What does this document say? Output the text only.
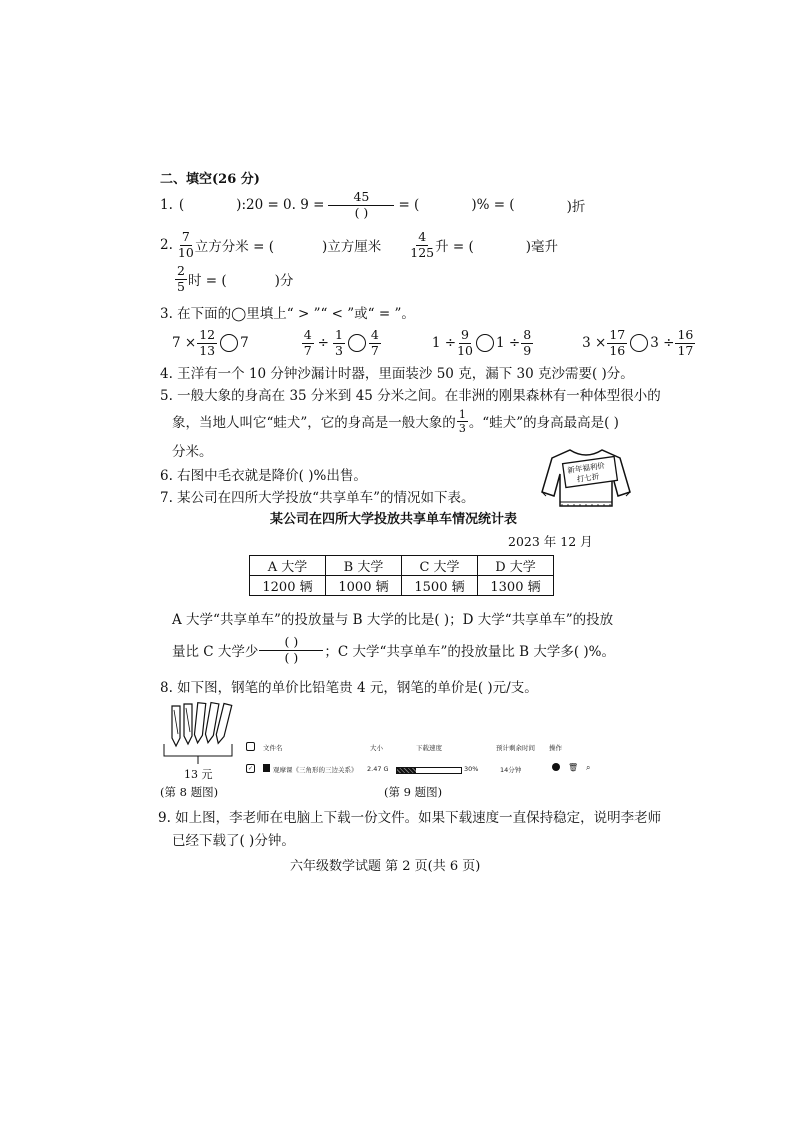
二、填空(26 分)
1. (	):20 = 0. $9 = \frac{45}{( )}$ = (	)% = (	)折
2. $\frac{7}{10}$ 立方分米 = (	)立方厘米 $\frac{4}{125}$ 升 = (	)毫升
$\frac{2}{5}$ 时 = (	)分
3. 在下面的◯里填上“ > ”“ < ”或“ = ”。
$7 \times \frac{12}{13} 7$	$\frac{4}{7} \div \frac{1}{3} \frac{4}{7}$	$1 \div \frac{9}{10} 1 \div \frac{8}{9}$	$3 \times \frac{17}{16} 3 \div \frac{16}{17}$
4. 王洋有一个 10 分钟沙漏计时器，里面装沙 50 克，漏下 30 克沙需要( )分。
5. 一般大象的身高在 35 分米到 45 分米之间。在非洲的刚果森林有一种体型很小的
象，当地人叫它“蛙犬”，它的身高是一般大象的 $\frac{1}{3}$ 。“蛙犬”的身高最高是( )
分米。
新年福利价
打七折
6. 右图中毛衣就是降价( )%出售。
7. 某公司在四所大学投放“共享单车”的情况如下表。
某公司在四所大学投放共享单车情况统计表
2023 年 12 月
A 大学	B 大学	C 大学	D 大学
1200 辆	1000 辆	1500 辆	1300 辆
A 大学“共享单车”的投放量与 B 大学的比是( )；D 大学“共享单车”的投放
量比 C 大学少 $\frac{( )}{( )}$ ；C 大学“共享单车”的投放量比 B 大学多( )%。
8. 如下图，钢笔的单价比铅笔贵 4 元，钢笔的单价是( )元/支。
13 元
(第 8 题图)
文件名	大小	下载速度	预计剩余时间 操作
✓	观摩课《三角形的三边关系》 2.47 G	30%	14分钟	🗑 ⌕
(第 9 题图)
9. 如上图，李老师在电脑上下载一份文件。如果下载速度一直保持稳定，说明李老师
已经下载了( )分钟。
六年级数学试题 第 2 页(共 6 页)
